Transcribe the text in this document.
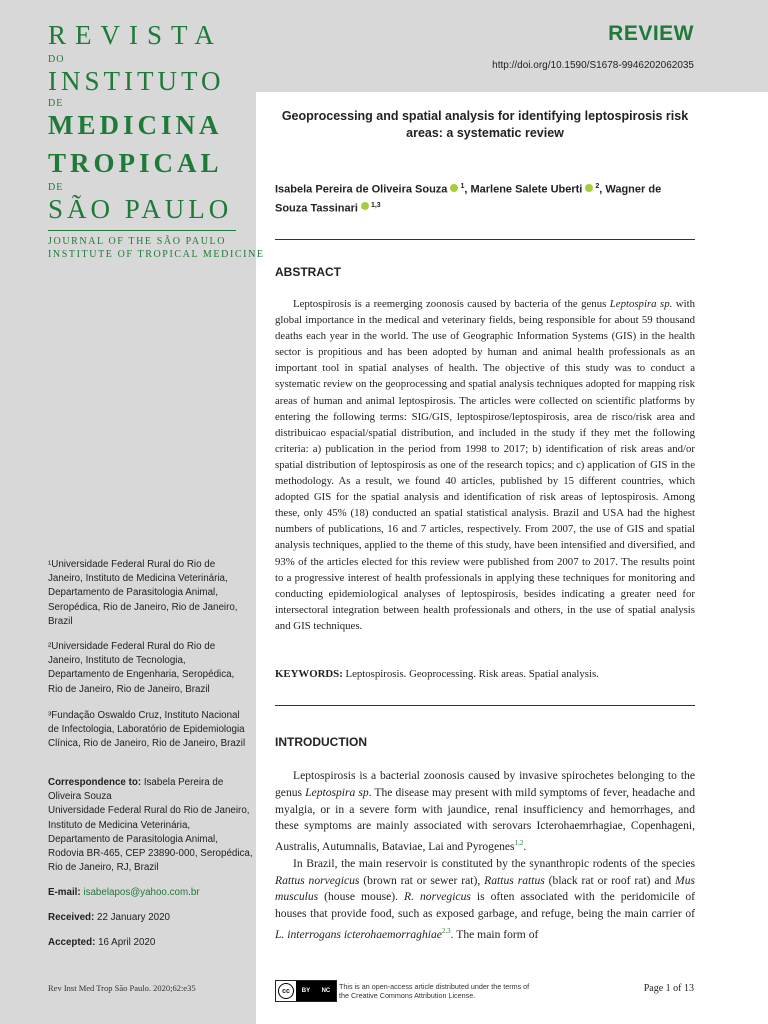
REVISTA
DO
INSTITUTO
DE
MEDICINA
TROPICAL
DE
SÃO PAULO
JOURNAL OF THE SÃO PAULO
INSTITUTE OF TROPICAL MEDICINE
REVIEW
http://doi.org/10.1590/S1678-9946202062035
Geoprocessing and spatial analysis for identifying leptospirosis risk areas: a systematic review
Isabela Pereira de Oliveira Souza $^1$, Marlene Salete Uberti $^2$, Wagner de Souza Tassinari $^{1,3}$
ABSTRACT
Leptospirosis is a reemerging zoonosis caused by bacteria of the genus Leptospira sp. with global importance in the medical and veterinary fields, being responsible for about 59 thousand deaths each year in the world. The use of Geographic Information Systems (GIS) in the health sector is propitious and has been adopted by human and animal health professionals as an important tool in spatial analyses of health. The objective of this study was to conduct a systematic review on the geoprocessing and spatial analysis techniques adopted for mapping risk areas of human and animal leptospirosis. The articles were collected on scientific platforms by entering the following terms: SIG/GIS, leptospirose/leptospirosis, area de risco/risk area and distribuicao espacial/spatial distribution, and included in the study if they met the following criteria: a) publication in the period from 1998 to 2017; b) identification of risk areas and/or spatial distribution of leptospirosis as one of the research topics; and c) application of GIS in the methodology. As a result, we found 40 articles, published by 15 different countries, which adopted GIS for the spatial analysis and identification of risk areas of leptospirosis. Among these, only 45% (18) conducted an spatial statistical analysis. Brazil and USA had the highest numbers of publications, 16 and 7 articles, respectively. From 2007, the use of GIS and spatial analysis techniques, applied to the theme of this study, have been intensified and diversified, and 93% of the articles elected for this review were published from 2007 to 2017. The results point to a progressive interest of health professionals in applying these techniques for monitoring and conducting epidemiological analyses of leptospirosis, besides indicating a greater need for intersectoral integration between health professionals and others, in the use of spatial analysis and GIS techniques.
KEYWORDS: Leptospirosis. Geoprocessing. Risk areas. Spatial analysis.
INTRODUCTION

Leptospirosis is a bacterial zoonosis caused by invasive spirochetes belonging to the genus Leptospira sp. The disease may present with mild symptoms of fever, headache and myalgia, or in a severe form with jaundice, renal insufficiency and hemorrhages, and these symptoms are mainly associated with serovars Icterohaemrhagiae, Copenhageni, Australis, Autumnalis, Bataviae, Lai and Pyrogenes$^{1,2}$.

In Brazil, the main reservoir is constituted by the synanthropic rodents of the species Rattus norvegicus (brown rat or sewer rat), Rattus rattus (black rat or roof rat) and Mus musculus (house mouse). R. norvegicus is often associated with the peridomicile of houses that provide food, such as exposed garbage, and refuge, being the main carrier of L. interrogans icterohaemorraghiae$^{2,3}$. The main form of

¹Universidade Federal Rural do Rio de Janeiro, Instituto de Medicina Veterinária, Departamento de Parasitologia Animal, Seropédica, Rio de Janeiro, Rio de Janeiro, Brazil
²Universidade Federal Rural do Rio de Janeiro, Instituto de Tecnologia, Departamento de Engenharia, Seropédica, Rio de Janeiro, Rio de Janeiro, Brazil
³Fundação Oswaldo Cruz, Instituto Nacional de Infectologia, Laboratório de Epidemiologia Clínica, Rio de Janeiro, Rio de Janeiro, Brazil
Correspondence to: Isabela Pereira de Oliveira Souza
Universidade Federal Rural do Rio de Janeiro, Instituto de Medicina Veterinária, Departamento de Parasitologia Animal, Rodovia BR-465, CEP 23890-000, Seropédica, Rio de Janeiro, RJ, Brazil
E-mail: isabelapos@yahoo.com.br
Received: 22 January 2020
Accepted: 16 April 2020
Rev Inst Med Trop São Paulo. 2020;62:e35	cc	BY NC This is an open-access article distributed under the terms of the Creative Commons Attribution License.
Page 1 of 13
